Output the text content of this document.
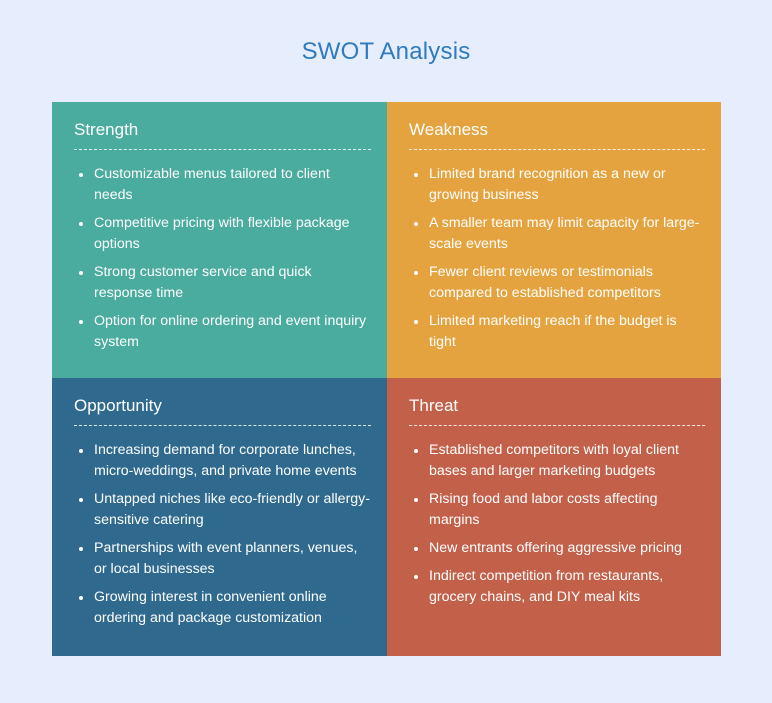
SWOT Analysis
Strength
Customizable menus tailored to client needs
Competitive pricing with flexible package options
Strong customer service and quick response time
Option for online ordering and event inquiry system
Weakness
Limited brand recognition as a new or growing business
A smaller team may limit capacity for large-scale events
Fewer client reviews or testimonials compared to established competitors
Limited marketing reach if the budget is tight
Opportunity
Increasing demand for corporate lunches, micro-weddings, and private home events
Untapped niches like eco-friendly or allergy-sensitive catering
Partnerships with event planners, venues, or local businesses
Growing interest in convenient online ordering and package customization
Threat
Established competitors with loyal client bases and larger marketing budgets
Rising food and labor costs affecting margins
New entrants offering aggressive pricing
Indirect competition from restaurants, grocery chains, and DIY meal kits
